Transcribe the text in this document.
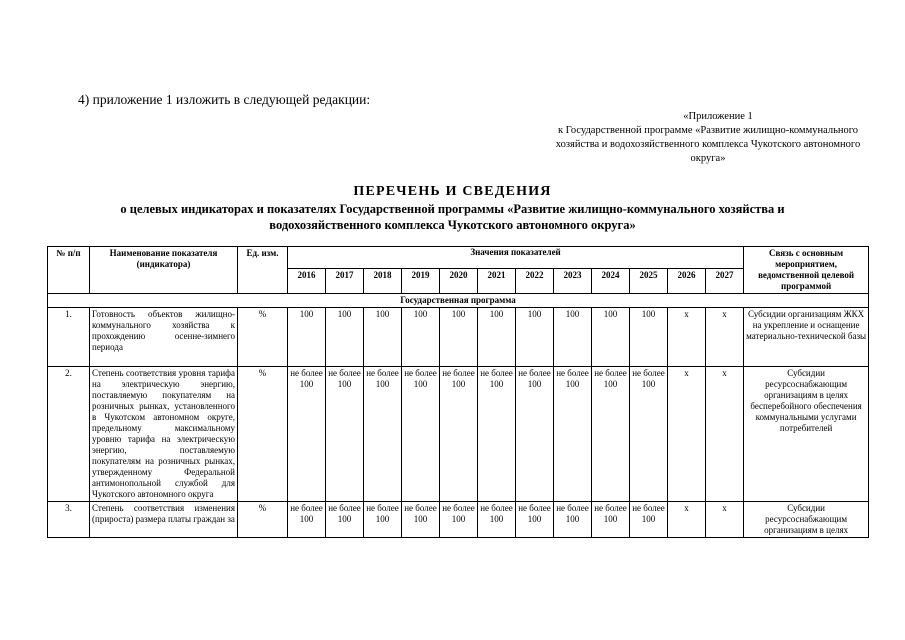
4) приложение 1 изложить в следующей редакции:
«Приложение 1
к Государственной программе «Развитие жилищно-коммунального хозяйства и водохозяйственного комплекса Чукотского автономного округа»
ПЕРЕЧЕНЬ И СВЕДЕНИЯ
о целевых индикаторах и показателях Государственной программы «Развитие жилищно-коммунального хозяйства и водохозяйственного комплекса Чукотского автономного округа»
№ п/п	Наименование показателя (индикатора)	Ед. изм.	Значения показателей												Связь с основным мероприятием, ведомственной целевой программой
			2016	2017	2018	2019	2020	2021	2022	2023	2024	2025	2026	2027	
Государственная программа															
1.	Готовность объектов жилищно-коммунального хозяйства к прохождению осенне-зимнего периода	%	100	100	100	100	100	100	100	100	100	100	х	х	Субсидии организациям ЖКХ на укрепление и оснащение материально-технической базы
2.	Степень соответствия уровня тарифа на электрическую энергию, поставляемую покупателям на розничных рынках, установленного в Чукотском автономном округе, предельному максимальному уровню тарифа на электрическую энергию, поставляемую покупателям на розничных рынках, утвержденному Федеральной антимонопольной службой для Чукотского автономного округа	%	не более 100	не более 100	не более 100	не более 100	не более 100	не более 100	не более 100	не более 100	не более 100	не более 100	х	х	Субсидии ресурсоснабжающим организациям в целях бесперебойного обеспечения коммунальными услугами потребителей
3.	Степень соответствия изменения (прироста) размера платы граждан за	%	не более 100	не более 100	не более 100	не более 100	не более 100	не более 100	не более 100	не более 100	не более 100	не более 100	х	х	Субсидии ресурсоснабжающим организациям в целях
